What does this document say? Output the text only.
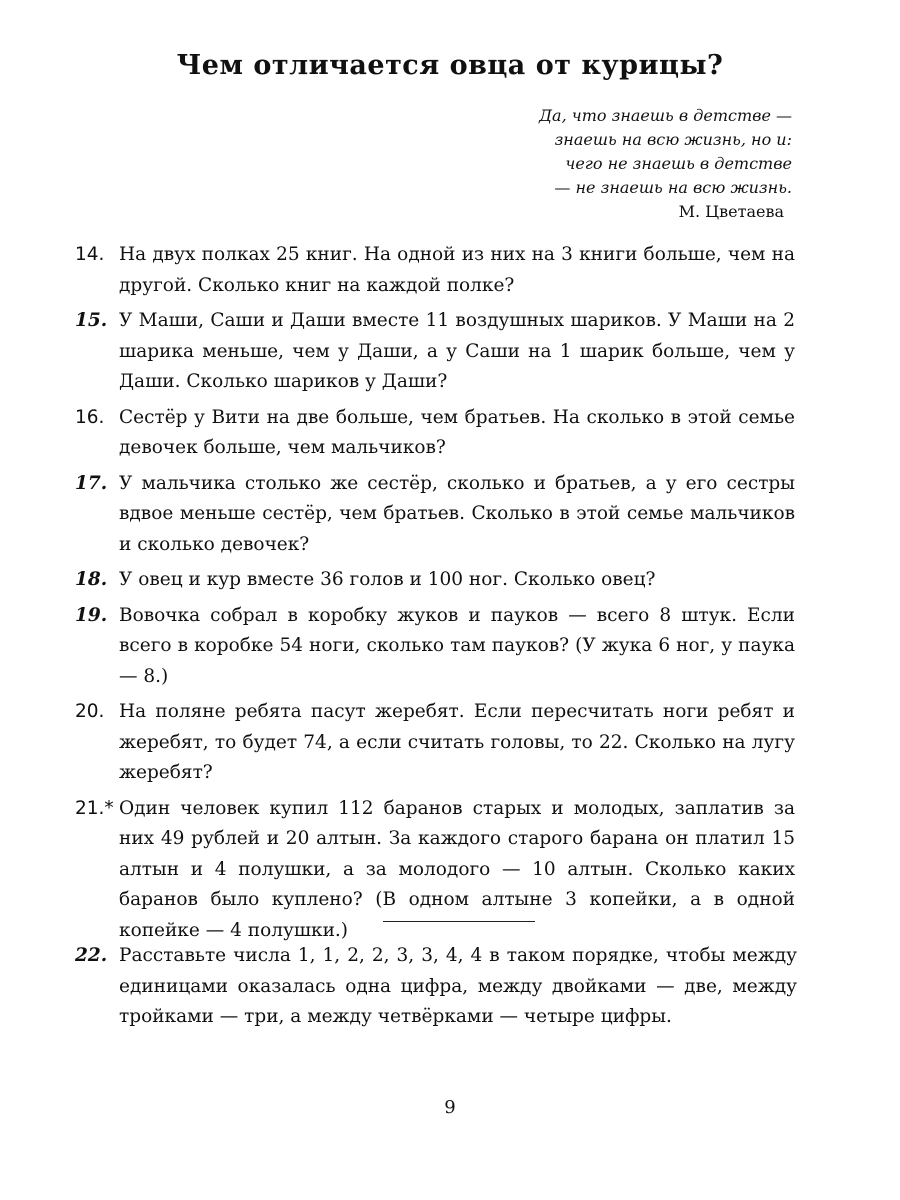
Чем отличается овца от курицы?
Да, что знаешь в детстве —
знаешь на всю жизнь, но и:
чего не знаешь в детстве
— не знаешь на всю жизнь.
М. Цветаева
14. На двух полках 25 книг. На одной из них на 3 книги больше, чем на другой. Сколько книг на каждой полке?
15. У Маши, Саши и Даши вместе 11 воздушных шариков. У Маши на 2 шарика меньше, чем у Даши, а у Саши на 1 шарик больше, чем у Даши. Сколько шариков у Даши?
16. Сестёр у Вити на две больше, чем братьев. На сколько в этой семье девочек больше, чем мальчиков?
17. У мальчика столько же сестёр, сколько и братьев, а у его сестры вдвое меньше сестёр, чем братьев. Сколько в этой семье мальчиков и сколько девочек?
18. У овец и кур вместе 36 голов и 100 ног. Сколько овец?
19. Вовочка собрал в коробку жуков и пауков — всего 8 штук. Если всего в коробке 54 ноги, сколько там пауков? (У жука 6 ног, у паука — 8.)
20. На поляне ребята пасут жеребят. Если пересчитать ноги ребят и жеребят, то будет 74, а если считать головы, то 22. Сколько на лугу жеребят?
21.* Один человек купил 112 баранов старых и молодых, заплатив за них 49 рублей и 20 алтын. За каждого старого барана он платил 15 алтын и 4 полушки, а за молодого — 10 алтын. Сколько каких баранов было куплено? (В одном алтыне 3 копейки, а в одной копейке — 4 полушки.)
22. Расставьте числа 1, 1, 2, 2, 3, 3, 4, 4 в таком порядке, чтобы между единицами оказалась одна цифра, между двойками — две, между тройками — три, а между четвёрками — четыре цифры.
9
